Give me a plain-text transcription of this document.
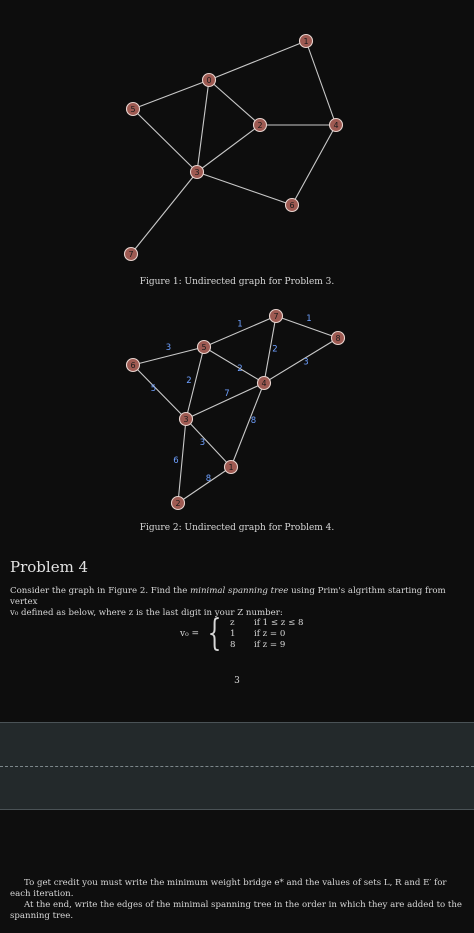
0
1
2
3
4
5
6
7
Figure 1: Undirected graph for Problem 3.
1
1
2
3
2
3
5
2
7
8
3
6
8
1
2
3
4
5
6
7
8
Figure 2: Undirected graph for Problem 4.
Problem 4
Consider the graph in Figure 2. Find the minimal spanning tree using Prim's algrithm starting from vertex
v₀ defined as below, where z is the last digit in your Z number:
v₀ = { z	if 1 ≤ z ≤ 8
1	if z = 0
8	if z = 9
3

To get credit you must write the minimum weight bridge e* and the values of sets L, R and E′ for each iteration.

At the end, write the edges of the minimal spanning tree in the order in which they are added to the spanning tree.
